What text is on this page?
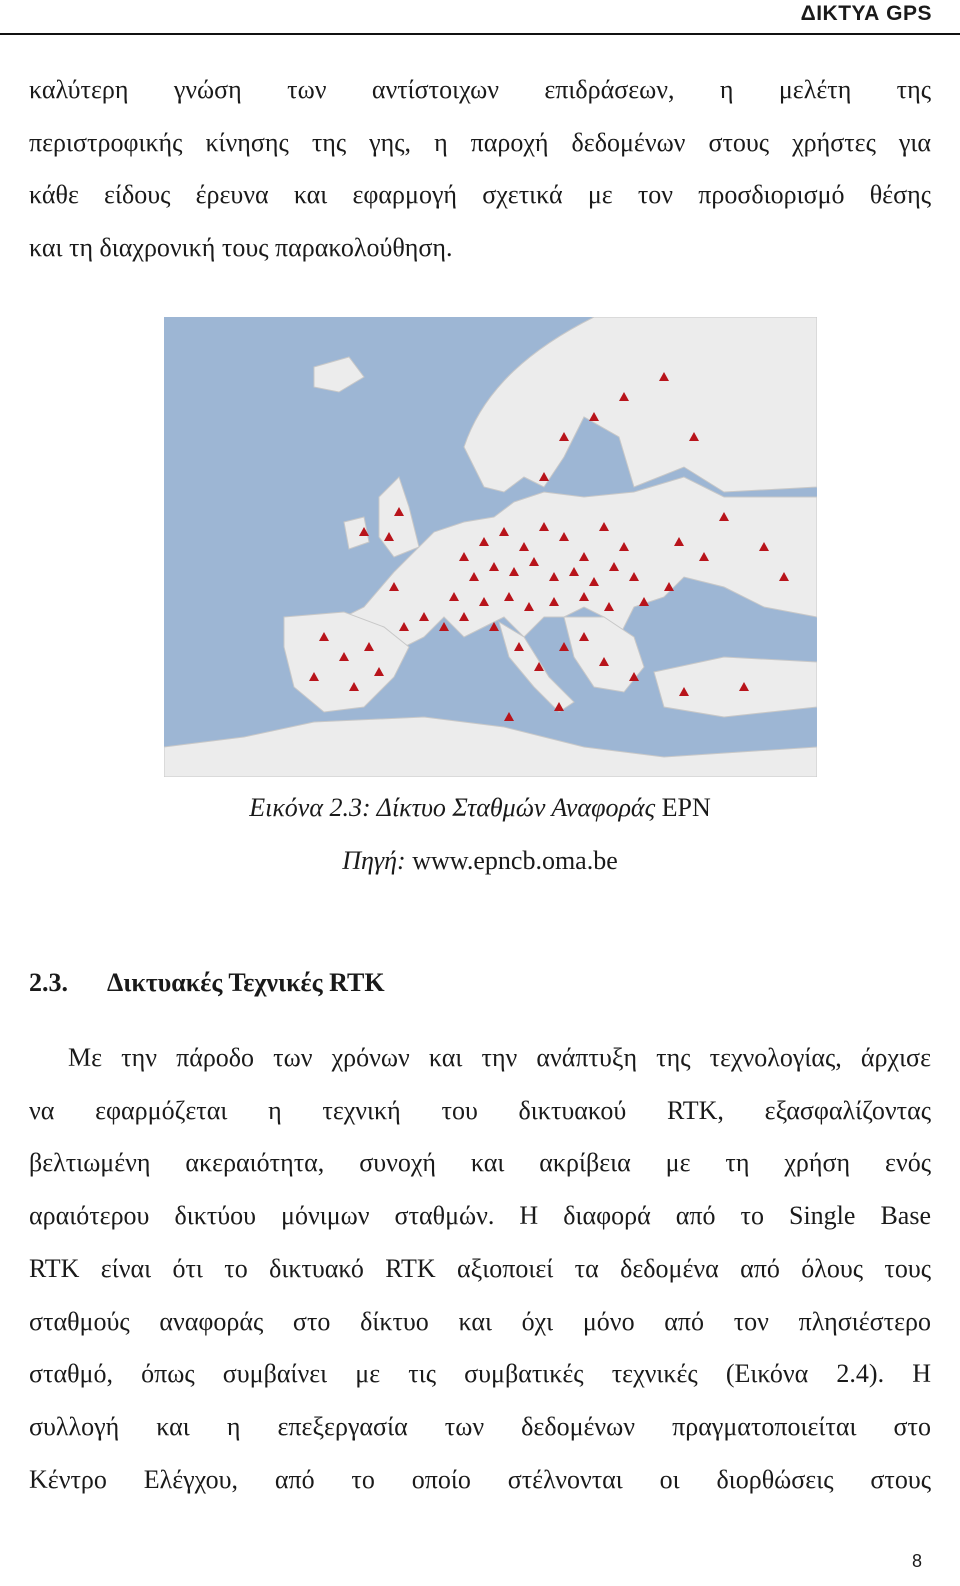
ΔΙΚΤΥΑ GPS
καλύτερη γνώση των αντίστοιχων επιδράσεων, η μελέτη της
περιστροφικής κίνησης της γης, η παροχή δεδομένων στους χρήστες για
κάθε είδους έρευνα και εφαρμογή σχετικά με τον προσδιορισμό θέσης
και τη διαχρονική τους παρακολούθηση.
Εικόνα 2.3: Δίκτυο Σταθμών Αναφοράς EPN
Πηγή: www.epncb.oma.be
2.3. Δικτυακές Τεχνικές RTK
Με την πάροδο των χρόνων και την ανάπτυξη της τεχνολογίας, άρχισε
να εφαρμόζεται η τεχνική του δικτυακού RTK, εξασφαλίζοντας
βελτιωμένη ακεραιότητα, συνοχή και ακρίβεια με τη χρήση ενός
αραιότερου δικτύου μόνιμων σταθμών. Η διαφορά από το Single Base
RTK είναι ότι το δικτυακό RTK αξιοποιεί τα δεδομένα από όλους τους
σταθμούς αναφοράς στο δίκτυο και όχι μόνο από τον πλησιέστερο
σταθμό, όπως συμβαίνει με τις συμβατικές τεχνικές (Εικόνα 2.4). Η
συλλογή και η επεξεργασία των δεδομένων πραγματοποιείται στο
Κέντρο Ελέγχου, από το οποίο στέλνονται οι διορθώσεις στους
8
